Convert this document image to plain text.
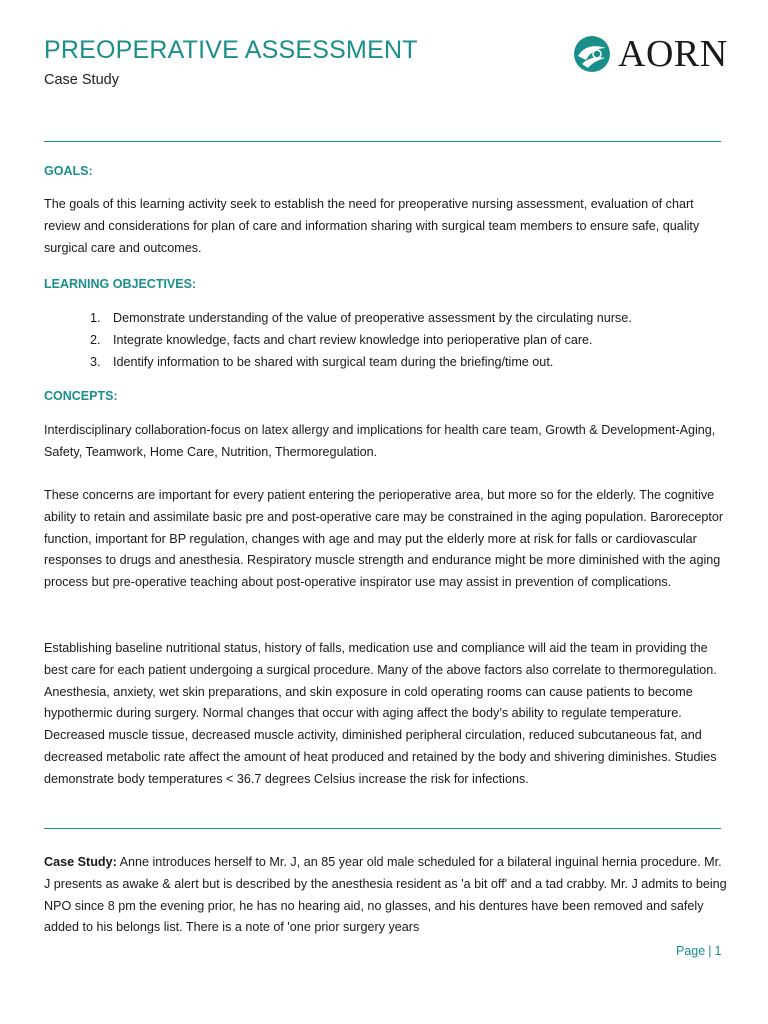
PREOPERATIVE ASSESSMENT
Case Study
AORN
GOALS:

The goals of this learning activity seek to establish the need for preoperative nursing assessment, evaluation of chart review and considerations for plan of care and information sharing with surgical team members to ensure safe, quality surgical care and outcomes.

LEARNING OBJECTIVES:
1. Demonstrate understanding of the value of preoperative assessment by the circulating nurse.
2. Integrate knowledge, facts and chart review knowledge into perioperative plan of care.
3. Identify information to be shared with surgical team during the briefing/time out.
CONCEPTS:

Interdisciplinary collaboration-focus on latex allergy and implications for health care team, Growth & Development-Aging, Safety, Teamwork, Home Care, Nutrition, Thermoregulation.

These concerns are important for every patient entering the perioperative area, but more so for the elderly. The cognitive ability to retain and assimilate basic pre and post-operative care may be constrained in the aging population. Baroreceptor function, important for BP regulation, changes with age and may put the elderly more at risk for falls or cardiovascular responses to drugs and anesthesia. Respiratory muscle strength and endurance might be more diminished with the aging process but pre-operative teaching about post-operative inspirator use may assist in prevention of complications.

Establishing baseline nutritional status, history of falls, medication use and compliance will aid the team in providing the best care for each patient undergoing a surgical procedure. Many of the above factors also correlate to thermoregulation. Anesthesia, anxiety, wet skin preparations, and skin exposure in cold operating rooms can cause patients to become hypothermic during surgery. Normal changes that occur with aging affect the body’s ability to regulate temperature. Decreased muscle tissue, decreased muscle activity, diminished peripheral circulation, reduced subcutaneous fat, and decreased metabolic rate affect the amount of heat produced and retained by the body and shivering diminishes. Studies demonstrate body temperatures < 36.7 degrees Celsius increase the risk for infections.

Case Study: Anne introduces herself to Mr. J, an 85 year old male scheduled for a bilateral inguinal hernia procedure. Mr. J presents as awake & alert but is described by the anesthesia resident as 'a bit off' and a tad crabby. Mr. J admits to being NPO since 8 pm the evening prior, he has no hearing aid, no glasses, and his dentures have been removed and safely added to his belongs list. There is a note of 'one prior surgery years

Page | 1
